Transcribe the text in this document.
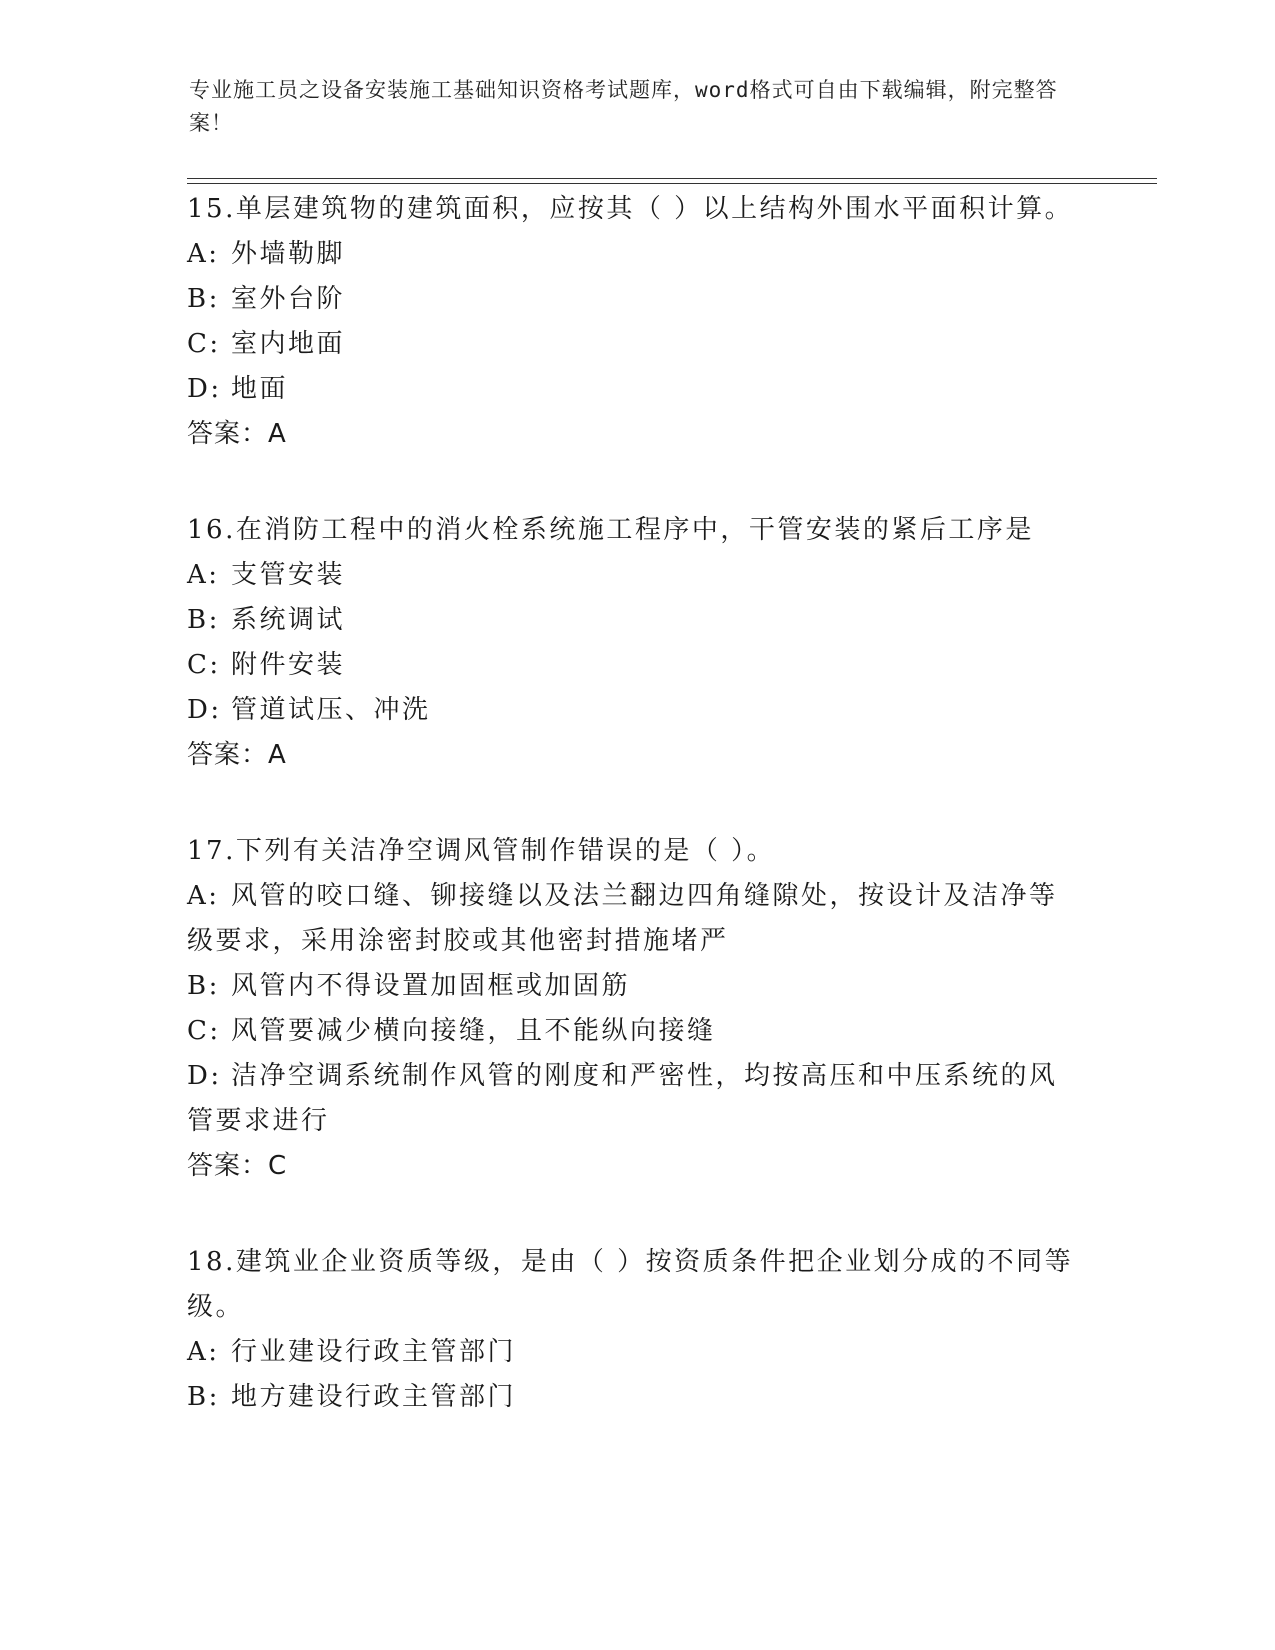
专业施工员之设备安装施工基础知识资格考试题库，word格式可自由下载编辑，附完整答案！
15.单层建筑物的建筑面积，应按其（ ）以上结构外围水平面积计算。
A: 外墙勒脚
B: 室外台阶
C: 室内地面
D: 地面
答案：A
16.在消防工程中的消火栓系统施工程序中，干管安装的紧后工序是
A: 支管安装
B: 系统调试
C: 附件安装
D: 管道试压、冲洗
答案：A
17.下列有关洁净空调风管制作错误的是（ ）。
A: 风管的咬口缝、铆接缝以及法兰翻边四角缝隙处，按设计及洁净等级要求，采用涂密封胶或其他密封措施堵严
B: 风管内不得设置加固框或加固筋
C: 风管要减少横向接缝，且不能纵向接缝
D: 洁净空调系统制作风管的刚度和严密性，均按高压和中压系统的风管要求进行
答案：C
18.建筑业企业资质等级，是由（ ）按资质条件把企业划分成的不同等级。
A: 行业建设行政主管部门
B: 地方建设行政主管部门
